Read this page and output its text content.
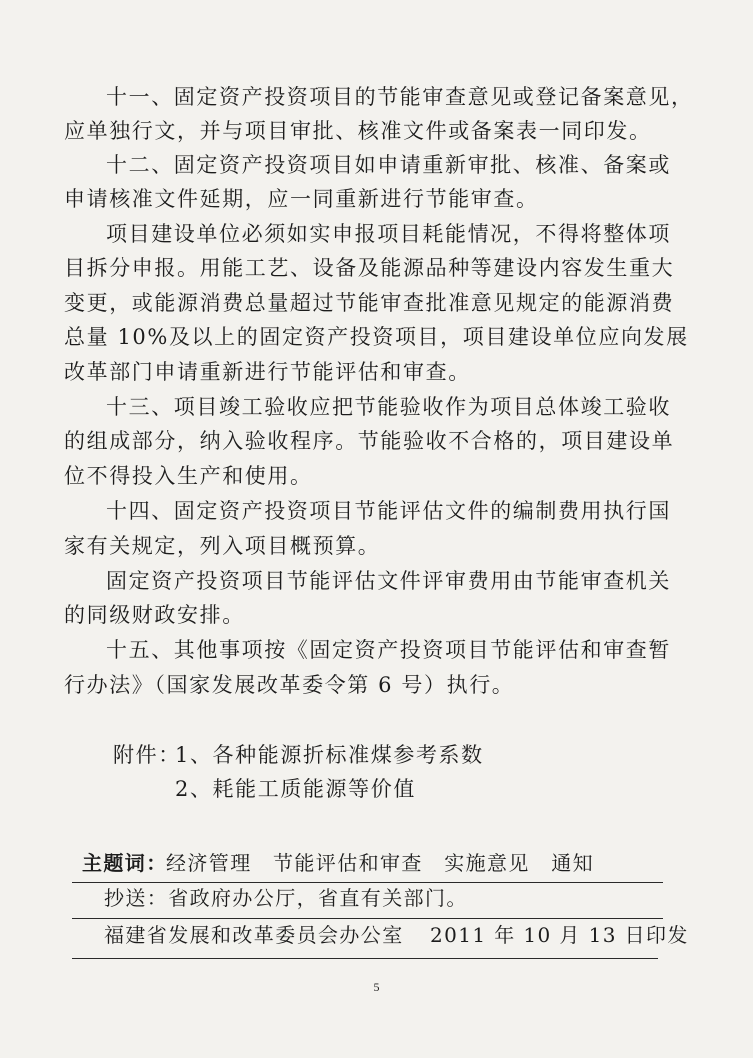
十一、固定资产投资项目的节能审查意见或登记备案意见，
应单独行文，并与项目审批、核准文件或备案表一同印发。
十二、固定资产投资项目如申请重新审批、核准、备案或
申请核准文件延期，应一同重新进行节能审查。
项目建设单位必须如实申报项目耗能情况，不得将整体项
目拆分申报。用能工艺、设备及能源品种等建设内容发生重大
变更，或能源消费总量超过节能审查批准意见规定的能源消费
总量 10%及以上的固定资产投资项目，项目建设单位应向发展
改革部门申请重新进行节能评估和审查。
十三、项目竣工验收应把节能验收作为项目总体竣工验收
的组成部分，纳入验收程序。节能验收不合格的，项目建设单
位不得投入生产和使用。
十四、固定资产投资项目节能评估文件的编制费用执行国
家有关规定，列入项目概预算。
固定资产投资项目节能评估文件评审费用由节能审查机关
的同级财政安排。
十五、其他事项按《固定资产投资项目节能评估和审查暂
行办法》（国家发展改革委令第 6 号）执行。
附件：
1、各种能源折标准煤参考系数
2、耗能工质能源等价值
主题词：
经济管理　节能评估和审查　实施意见　通知
抄送：省政府办公厅，省直有关部门。
福建省发展和改革委员会办公室 2011 年 10 月 13 日印发
5
